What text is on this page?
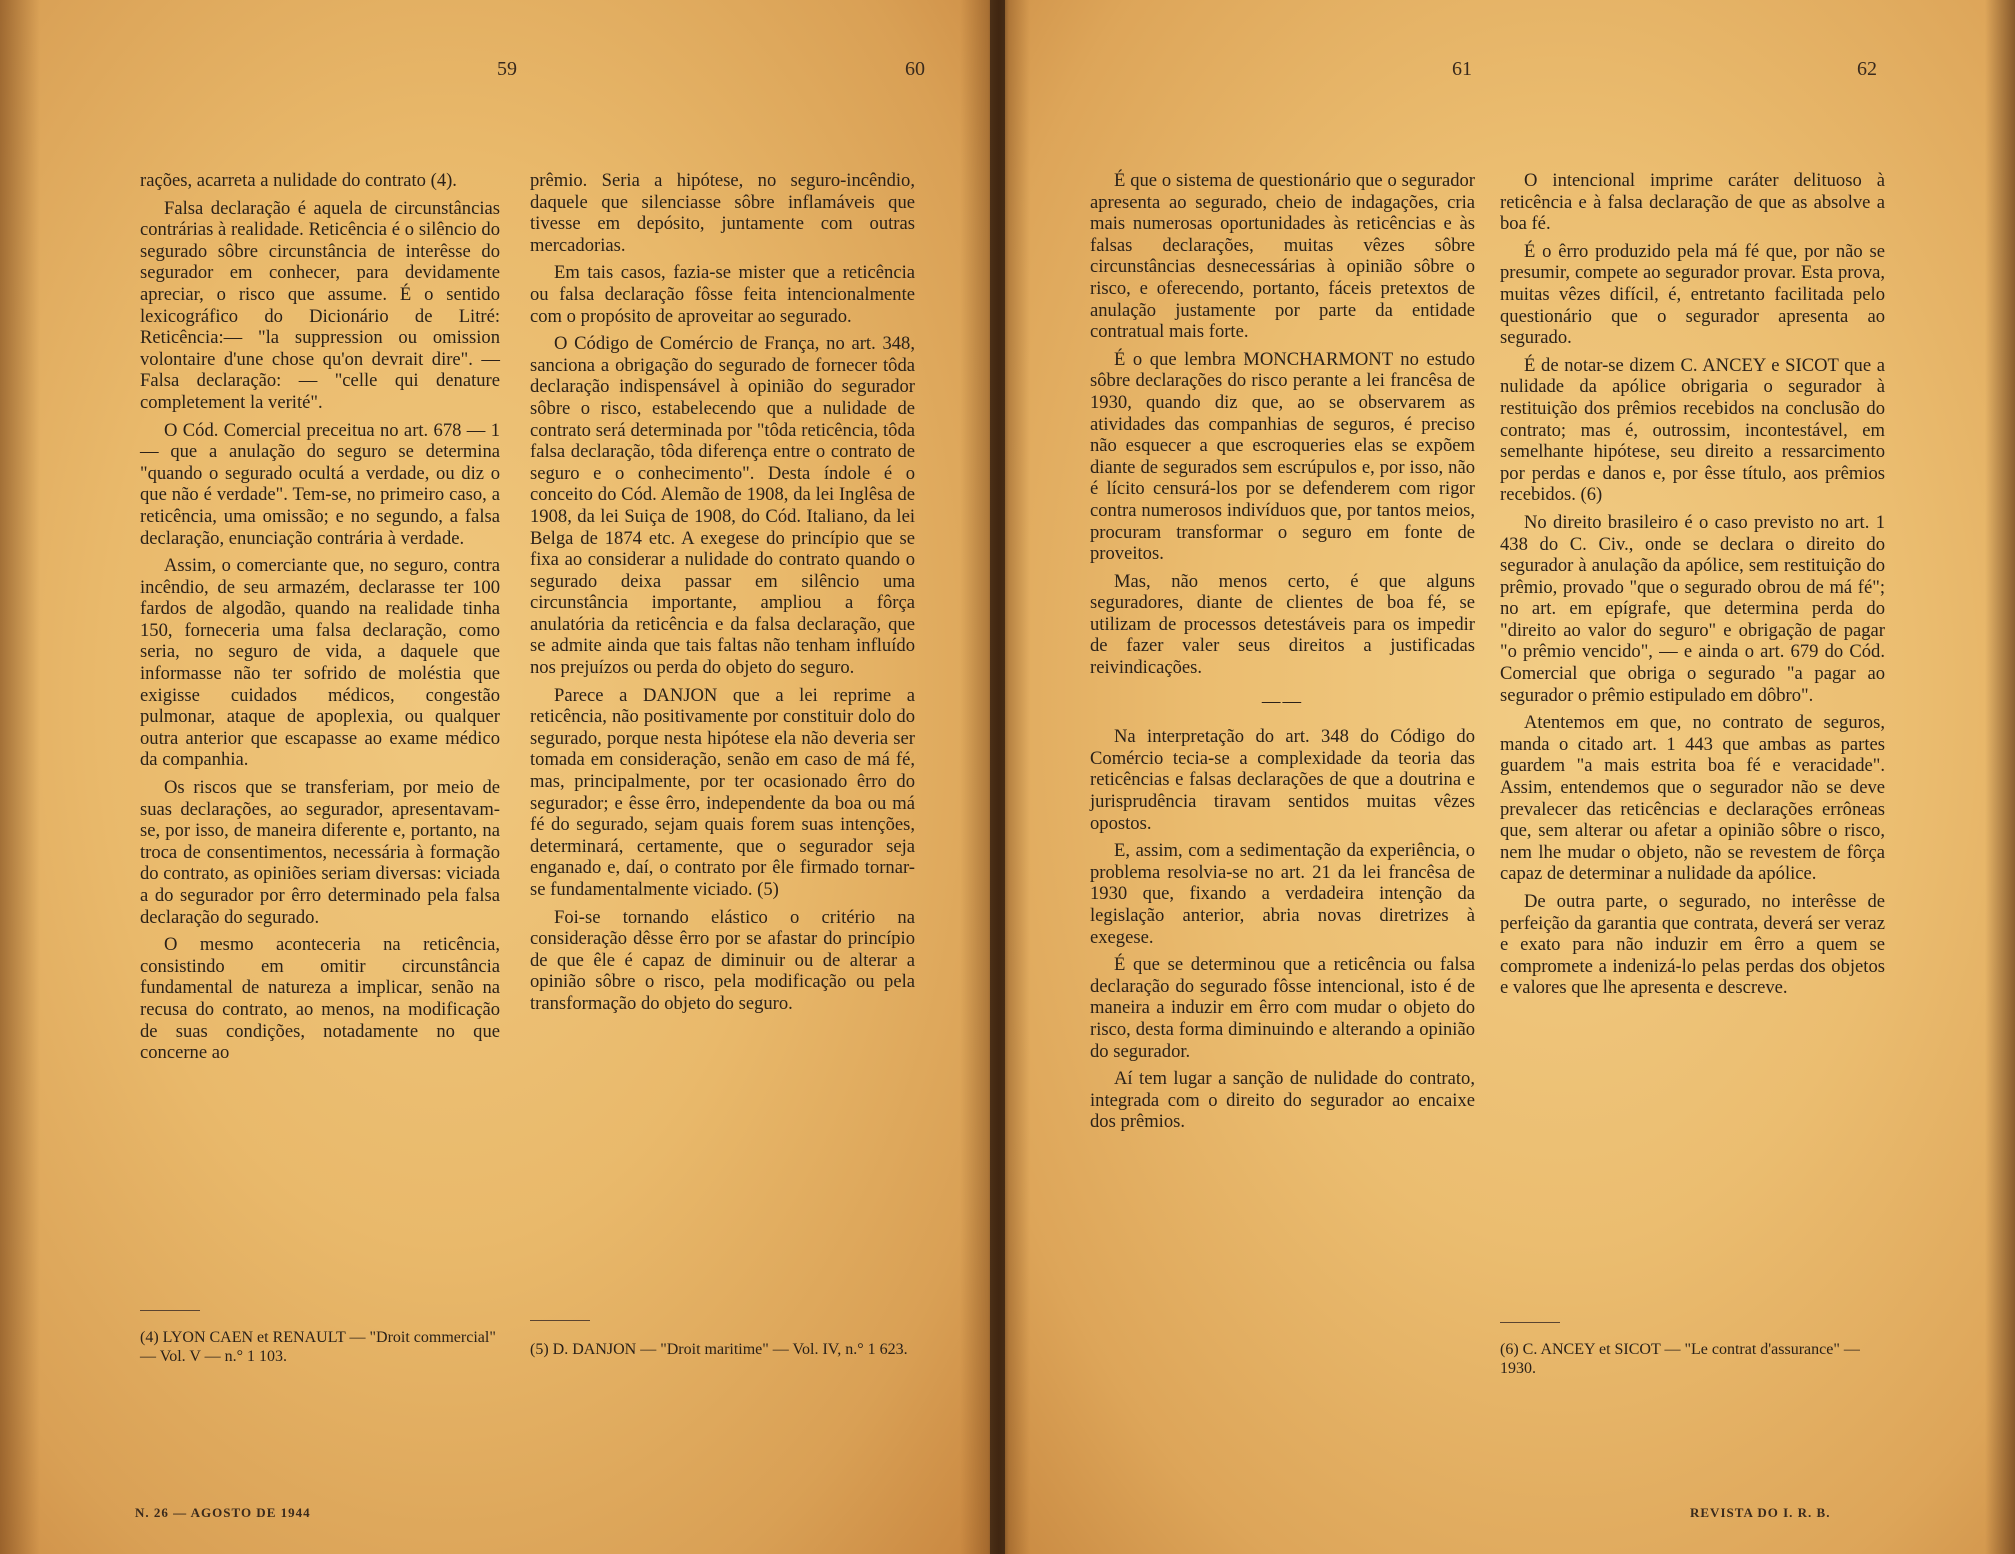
59	60

rações, acarreta a nulidade do contrato (4).

Falsa declaração é aquela de circunstâncias contrárias à realidade. Reticência é o silêncio do segurado sôbre circunstância de interêsse do segurador em conhecer, para devidamente apreciar, o risco que assume. É o sentido lexicográfico do Dicionário de Litré: Reticência:— "la suppression ou omission volontaire d'une chose qu'on devrait dire". — Falsa declaração: — "celle qui denature completement la verité".

O Cód. Comercial preceitua no art. 678 — 1 — que a anulação do seguro se determina "quando o segurado ocultá a verdade, ou diz o que não é verdade". Tem-se, no primeiro caso, a reticência, uma omissão; e no segundo, a falsa declaração, enunciação contrária à verdade.

Assim, o comerciante que, no seguro, contra incêndio, de seu armazém, declarasse ter 100 fardos de algodão, quando na realidade tinha 150, forneceria uma falsa declaração, como seria, no seguro de vida, a daquele que informasse não ter sofrido de moléstia que exigisse cuidados médicos, congestão pulmonar, ataque de apoplexia, ou qualquer outra anterior que escapasse ao exame médico da companhia.

Os riscos que se transferiam, por meio de suas declarações, ao segurador, apresentavam-se, por isso, de maneira diferente e, portanto, na troca de consentimentos, necessária à formação do contrato, as opiniões seriam diversas: viciada a do segurador por êrro determinado pela falsa declaração do segurado.

O mesmo aconteceria na reticência, consistindo em omitir circunstância fundamental de natureza a implicar, senão na recusa do contrato, ao menos, na modificação de suas condições, notadamente no que concerne ao

(4) LYON CAEN et RENAULT — "Droit commercial" — Vol. V — n.° 1 103.

prêmio. Seria a hipótese, no seguro-incêndio, daquele que silenciasse sôbre inflamáveis que tivesse em depósito, juntamente com outras mercadorias.

Em tais casos, fazia-se mister que a reticência ou falsa declaração fôsse feita intencionalmente com o propósito de aproveitar ao segurado.

O Código de Comércio de França, no art. 348, sanciona a obrigação do segurado de fornecer tôda declaração indispensável à opinião do segurador sôbre o risco, estabelecendo que a nulidade de contrato será determinada por "tôda reticência, tôda falsa declaração, tôda diferença entre o contrato de seguro e o conhecimento". Desta índole é o conceito do Cód. Alemão de 1908, da lei Inglêsa de 1908, da lei Suiça de 1908, do Cód. Italiano, da lei Belga de 1874 etc. A exegese do princípio que se fixa ao considerar a nulidade do contrato quando o segurado deixa passar em silêncio uma circunstância importante, ampliou a fôrça anulatória da reticência e da falsa declaração, que se admite ainda que tais faltas não tenham influído nos prejuízos ou perda do objeto do seguro.

Parece a DANJON que a lei reprime a reticência, não positivamente por constituir dolo do segurado, porque nesta hipótese ela não deveria ser tomada em consideração, senão em caso de má fé, mas, principalmente, por ter ocasionado êrro do segurador; e êsse êrro, independente da boa ou má fé do segurado, sejam quais forem suas intenções, determinará, certamente, que o segurador seja enganado e, daí, o contrato por êle firmado tornar-se fundamentalmente viciado. (5)

Foi-se tornando elástico o critério na consideração dêsse êrro por se afastar do princípio de que êle é capaz de diminuir ou de alterar a opinião sôbre o risco, pela modificação ou pela transformação do objeto do seguro.

(5) D. DANJON — "Droit maritime" — Vol. IV, n.° 1 623.
N. 26 — AGOSTO DE 1944
61	62

É que o sistema de questionário que o segurador apresenta ao segurado, cheio de indagações, cria mais numerosas oportunidades às reticências e às falsas declarações, muitas vêzes sôbre circunstâncias desnecessárias à opinião sôbre o risco, e oferecendo, portanto, fáceis pretextos de anulação justamente por parte da entidade contratual mais forte.

É o que lembra MONCHARMONT no estudo sôbre declarações do risco perante a lei francêsa de 1930, quando diz que, ao se observarem as atividades das companhias de seguros, é preciso não esquecer a que escroqueries elas se expõem diante de segurados sem escrúpulos e, por isso, não é lícito censurá-los por se defenderem com rigor contra numerosos indivíduos que, por tantos meios, procuram transformar o seguro em fonte de proveitos.

Mas, não menos certo, é que alguns seguradores, diante de clientes de boa fé, se utilizam de processos detestáveis para os impedir de fazer valer seus direitos a justificadas reivindicações.

——

Na interpretação do art. 348 do Código do Comércio tecia-se a complexidade da teoria das reticências e falsas declarações de que a doutrina e jurisprudência tiravam sentidos muitas vêzes opostos.

E, assim, com a sedimentação da experiência, o problema resolvia-se no art. 21 da lei francêsa de 1930 que, fixando a verdadeira intenção da legislação anterior, abria novas diretrizes à exegese.

É que se determinou que a reticência ou falsa declaração do segurado fôsse intencional, isto é de maneira a induzir em êrro com mudar o objeto do risco, desta forma diminuindo e alterando a opinião do segurador.

Aí tem lugar a sanção de nulidade do contrato, integrada com o direito do segurador ao encaixe dos prêmios.

O intencional imprime caráter delituoso à reticência e à falsa declaração de que as absolve a boa fé.

É o êrro produzido pela má fé que, por não se presumir, compete ao segurador provar. Esta prova, muitas vêzes difícil, é, entretanto facilitada pelo questionário que o segurador apresenta ao segurado.

É de notar-se dizem C. ANCEY e SICOT que a nulidade da apólice obrigaria o segurador à restituição dos prêmios recebidos na conclusão do contrato; mas é, outrossim, incontestável, em semelhante hipótese, seu direito a ressarcimento por perdas e danos e, por êsse título, aos prêmios recebidos. (6)

No direito brasileiro é o caso previsto no art. 1 438 do C. Civ., onde se declara o direito do segurador à anulação da apólice, sem restituição do prêmio, provado "que o segurado obrou de má fé"; no art. em epígrafe, que determina perda do "direito ao valor do seguro" e obrigação de pagar "o prêmio vencido", — e ainda o art. 679 do Cód. Comercial que obriga o segurado "a pagar ao segurador o prêmio estipulado em dôbro".

Atentemos em que, no contrato de seguros, manda o citado art. 1 443 que ambas as partes guardem "a mais estrita boa fé e veracidade". Assim, entendemos que o segurador não se deve prevalecer das reticências e declarações errôneas que, sem alterar ou afetar a opinião sôbre o risco, nem lhe mudar o objeto, não se revestem de fôrça capaz de determinar a nulidade da apólice.

De outra parte, o segurado, no interêsse de perfeição da garantia que contrata, deverá ser veraz e exato para não induzir em êrro a quem se compromete a indenizá-lo pelas perdas dos objetos e valores que lhe apresenta e descreve.

(6) C. ANCEY et SICOT — "Le contrat d'assurance" — 1930.
REVISTA DO I. R. B.
